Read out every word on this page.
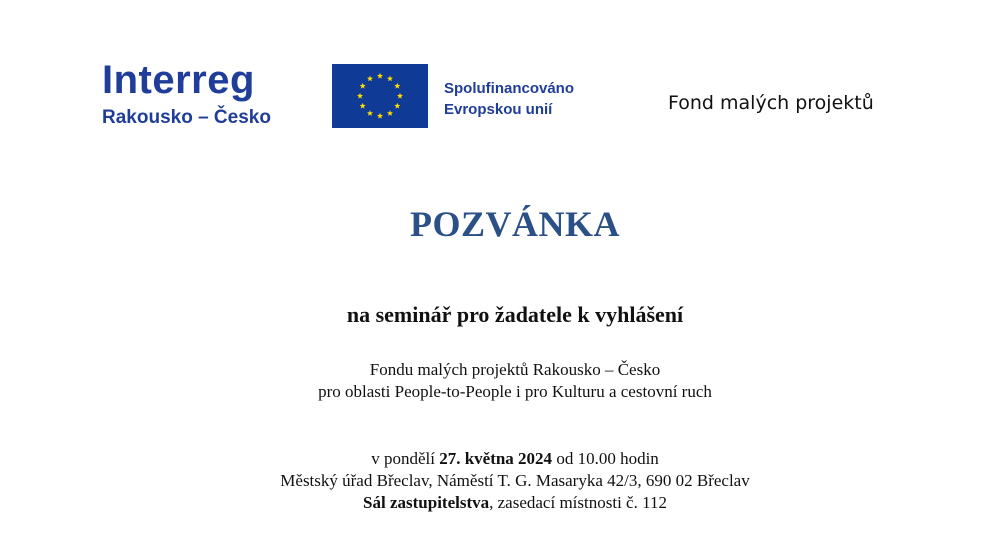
Interreg
Rakousko – Česko
Spolufinancováno
Evropskou unií	Fond malých projektů
POZVÁNKA
na seminář pro žadatele k vyhlášení
Fondu malých projektů Rakousko – Česko
pro oblasti People-to-People i pro Kulturu a cestovní ruch
v pondělí 27. května 2024 od 10.00 hodin
Městský úřad Břeclav, Náměstí T. G. Masaryka 42/3, 690 02 Břeclav
Sál zastupitelstva, zasedací místnosti č. 112
